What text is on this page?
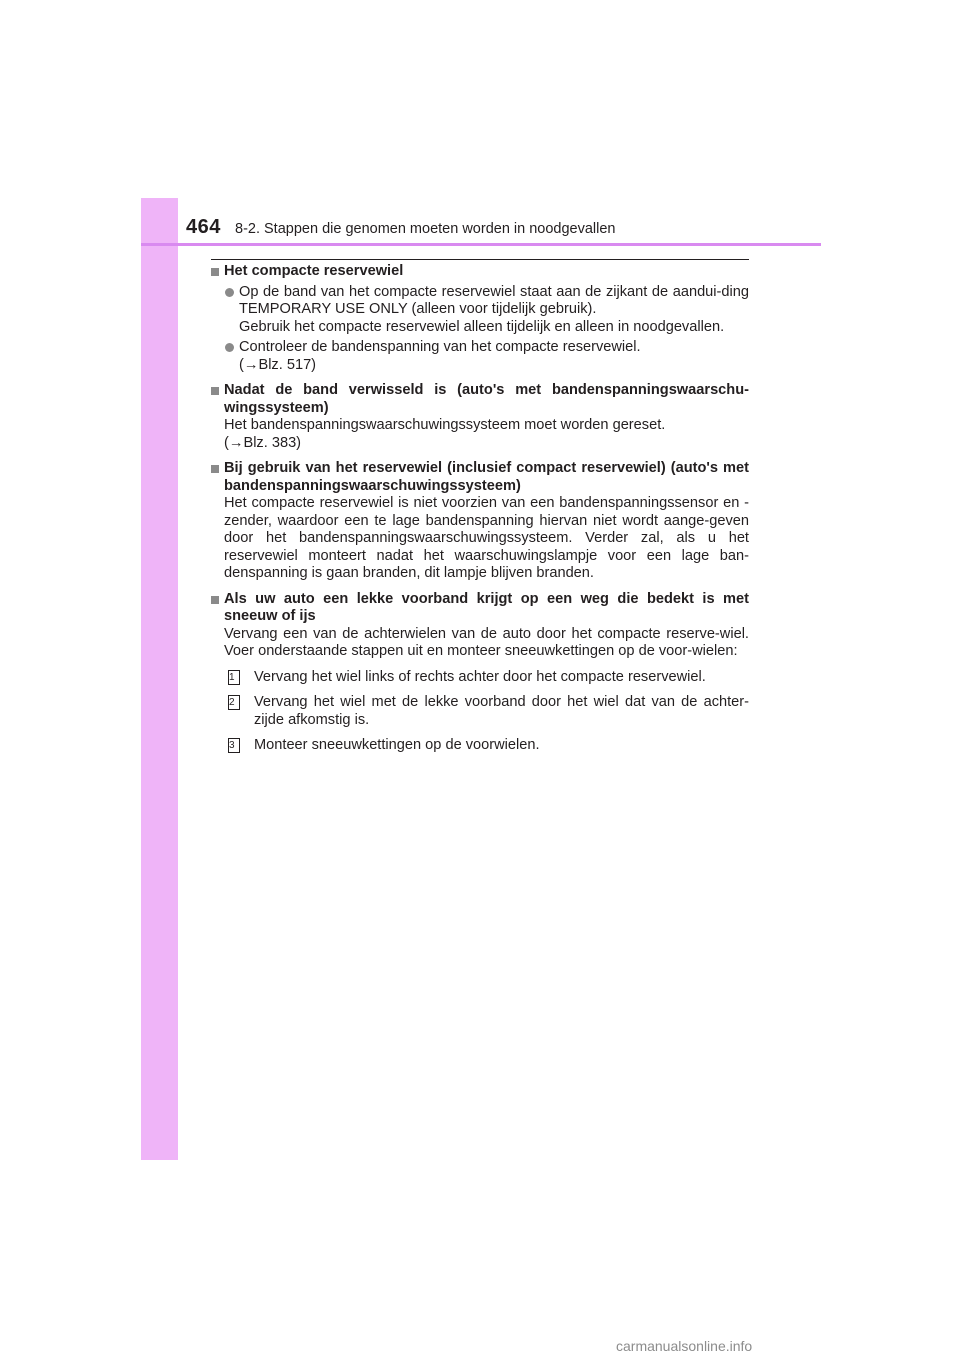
464 8-2. Stappen die genomen moeten worden in noodgevallen
Het compacte reservewiel
Op de band van het compacte reservewiel staat aan de zijkant de aandui-ding TEMPORARY USE ONLY (alleen voor tijdelijk gebruik).
Gebruik het compacte reservewiel alleen tijdelijk en alleen in noodgevallen.
Controleer de bandenspanning van het compacte reservewiel.
(→Blz. 517)
Nadat de band verwisseld is (auto's met bandenspanningswaarschu-wingssysteem)
Het bandenspanningswaarschuwingssysteem moet worden gereset.
(→Blz. 383)
Bij gebruik van het reservewiel (inclusief compact reservewiel) (auto's met bandenspanningswaarschuwingssysteem)
Het compacte reservewiel is niet voorzien van een bandenspanningssensor en -zender, waardoor een te lage bandenspanning hiervan niet wordt aange-geven door het bandenspanningswaarschuwingssysteem. Verder zal, als u het reservewiel monteert nadat het waarschuwingslampje voor een lage ban-denspanning is gaan branden, dit lampje blijven branden.
Als uw auto een lekke voorband krijgt op een weg die bedekt is met sneeuw of ijs
Vervang een van de achterwielen van de auto door het compacte reserve-wiel. Voer onderstaande stappen uit en monteer sneeuwkettingen op de voor-wielen:
1	Vervang het wiel links of rechts achter door het compacte reservewiel.
2	Vervang het wiel met de lekke voorband door het wiel dat van de achter-zijde afkomstig is.
3	Monteer sneeuwkettingen op de voorwielen.
carmanualsonline.info
